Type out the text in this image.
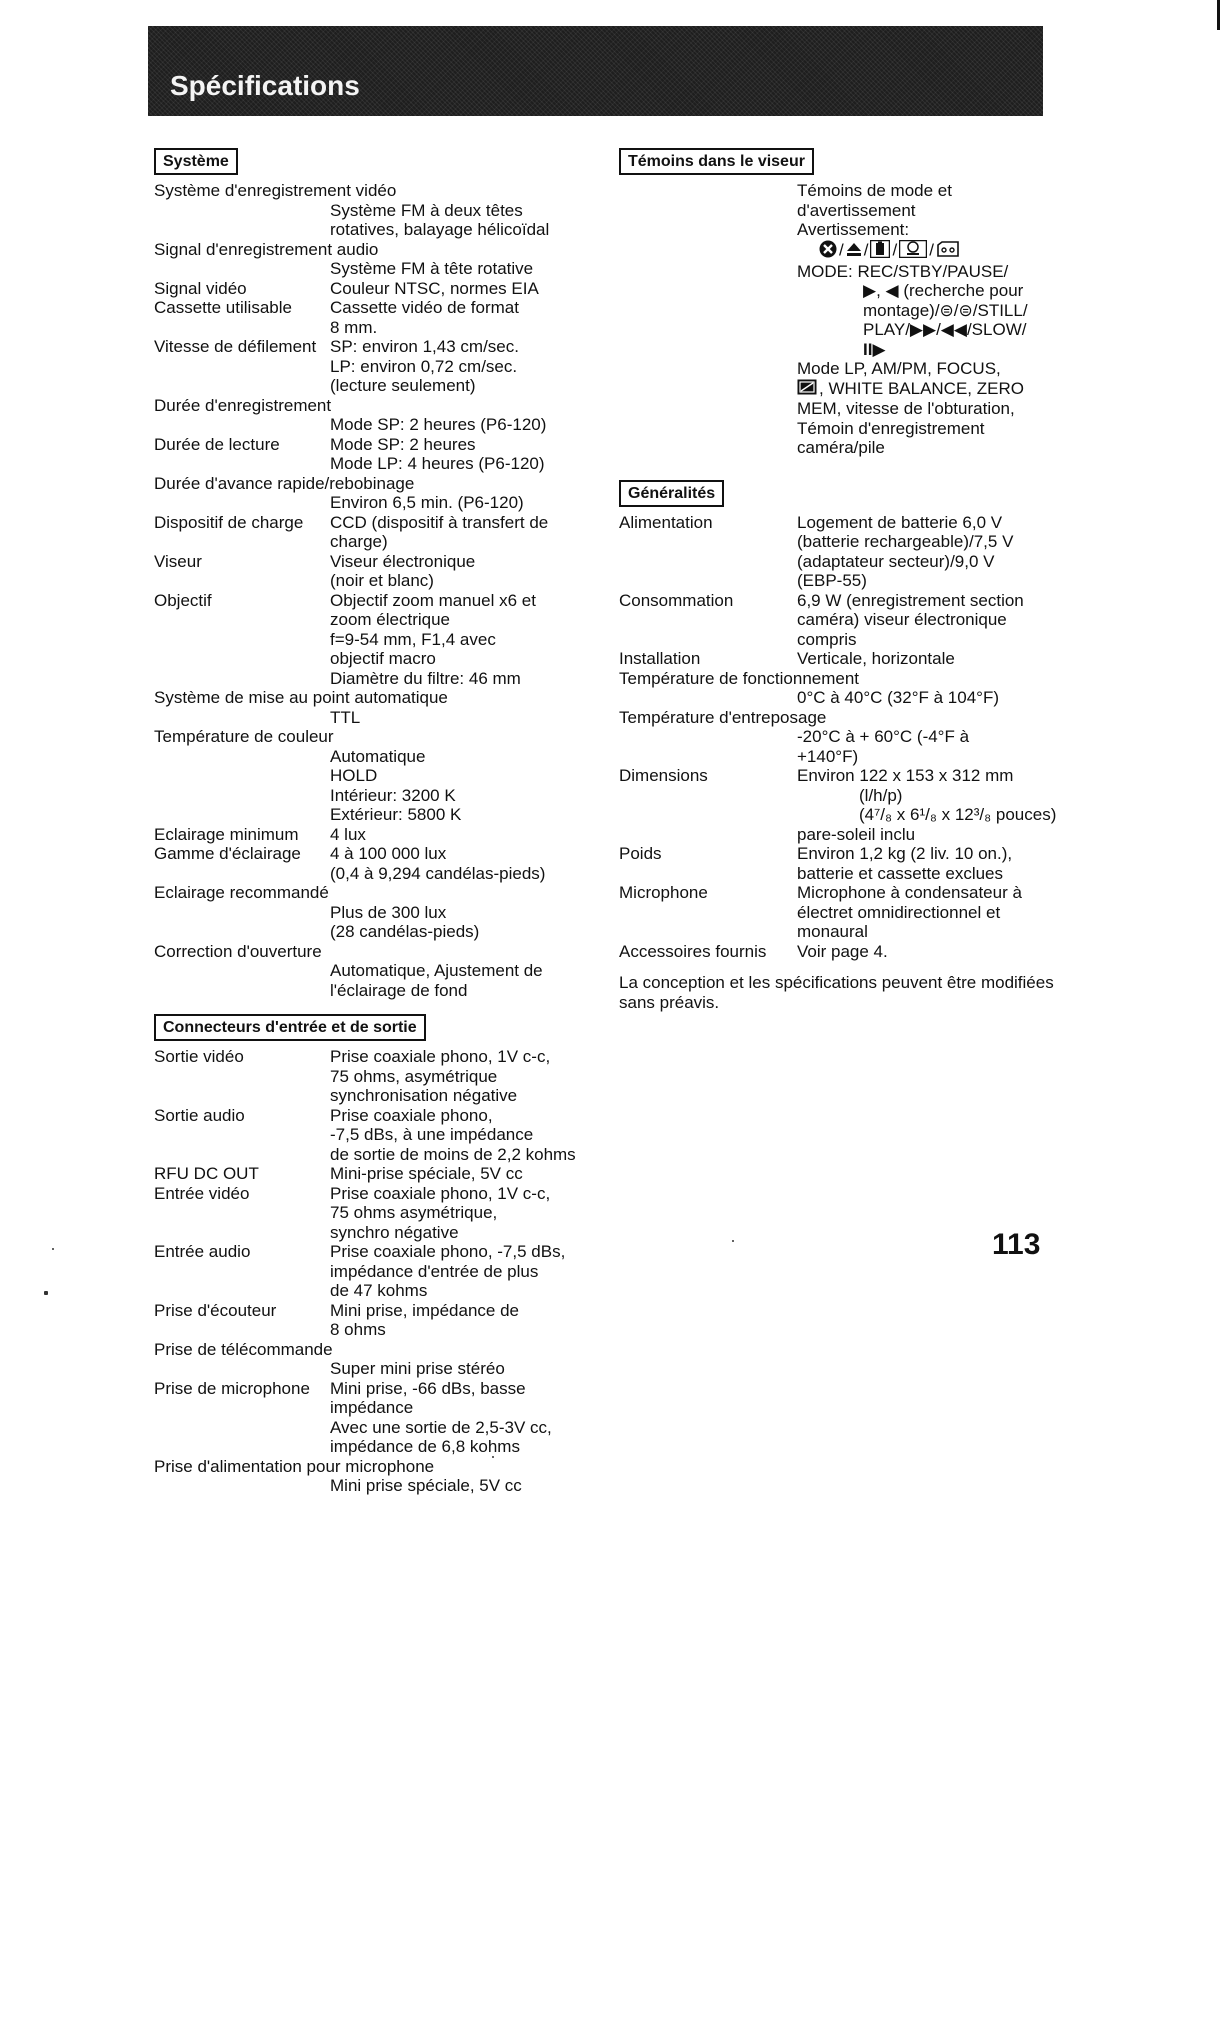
Spécifications
Système
Système d'enregistrement vidéo
Système FM à deux têtes
rotatives, balayage hélicoïdal
Signal d'enregistrement audio
Système FM à tête rotative
Signal vidéo	Couleur NTSC, normes EIA
Cassette utilisable	Cassette vidéo de format
8 mm.
Vitesse de défilement SP: environ 1,43 cm/sec.
LP: environ 0,72 cm/sec.
(lecture seulement)
Durée d'enregistrement
Mode SP: 2 heures (P6-120)
Durée de lecture	Mode SP: 2 heures
Mode LP: 4 heures (P6-120)
Durée d'avance rapide/rebobinage
Environ 6,5 min. (P6-120)
Dispositif de charge	CCD (dispositif à transfert de
charge)
Viseur	Viseur électronique
(noir et blanc)
Objectif	Objectif zoom manuel x6 et
zoom électrique
f=9-54 mm, F1,4 avec
objectif macro
Diamètre du filtre: 46 mm
Système de mise au point automatique
TTL
Température de couleur
Automatique
HOLD
Intérieur: 3200 K
Extérieur: 5800 K
Eclairage minimum	4 lux
Gamme d'éclairage	4 à 100 000 lux
(0,4 à 9,294 candélas-pieds)
Eclairage recommandé
Plus de 300 lux
(28 candélas-pieds)
Correction d'ouverture
Automatique, Ajustement de
l'éclairage de fond
Connecteurs d'entrée et de sortie
Sortie vidéo	Prise coaxiale phono, 1V c-c,
75 ohms, asymétrique
synchronisation négative
Sortie audio	Prise coaxiale phono,
-7,5 dBs, à une impédance
de sortie de moins de 2,2 kohms
RFU DC OUT	Mini-prise spéciale, 5V cc
Entrée vidéo	Prise coaxiale phono, 1V c-c,
75 ohms asymétrique,
synchro négative
Entrée audio	Prise coaxiale phono, -7,5 dBs,
impédance d'entrée de plus
de 47 kohms
Prise d'écouteur	Mini prise, impédance de
8 ohms
Prise de télécommande
Super mini prise stéréo
Prise de microphone	Mini prise, -66 dBs, basse
impédance
Avec une sortie de 2,5-3V cc,
impédance de 6,8 kohms
Prise d'alimentation pour microphone
Mini prise spéciale, 5V cc
Témoins dans le viseur
Témoins de mode et
d'avertissement
Avertissement:
/ / / /
MODE: REC/STBY/PAUSE/
▶, ◀ (recherche pour
montage)/⊜/⊜/STILL/
PLAY/▶▶/◀◀/SLOW/
II▶
Mode LP, AM/PM, FOCUS,
, WHITE BALANCE, ZERO
MEM, vitesse de l'obturation,
Témoin d'enregistrement
caméra/pile
Généralités
Alimentation	Logement de batterie 6,0 V
(batterie rechargeable)/7,5 V
(adaptateur secteur)/9,0 V
(EBP-55)
Consommation	6,9 W (enregistrement section
caméra) viseur électronique
compris
Installation	Verticale, horizontale
Température de fonctionnement
0°C à 40°C (32°F à 104°F)
Température d'entreposage
-20°C à + 60°C (-4°F à
+140°F)
Dimensions	Environ 122 x 153 x 312 mm
(l/h/p)
(4⁷/₈ x 6¹/₈ x 12³/₈ pouces)
pare-soleil inclu
Poids	Environ 1,2 kg (2 liv. 10 on.),
batterie et cassette exclues
Microphone	Microphone à condensateur à
électret omnidirectionnel et
monaural
Accessoires fournis	Voir page 4.
La conception et les spécifications peuvent être modifiées sans préavis.
113
